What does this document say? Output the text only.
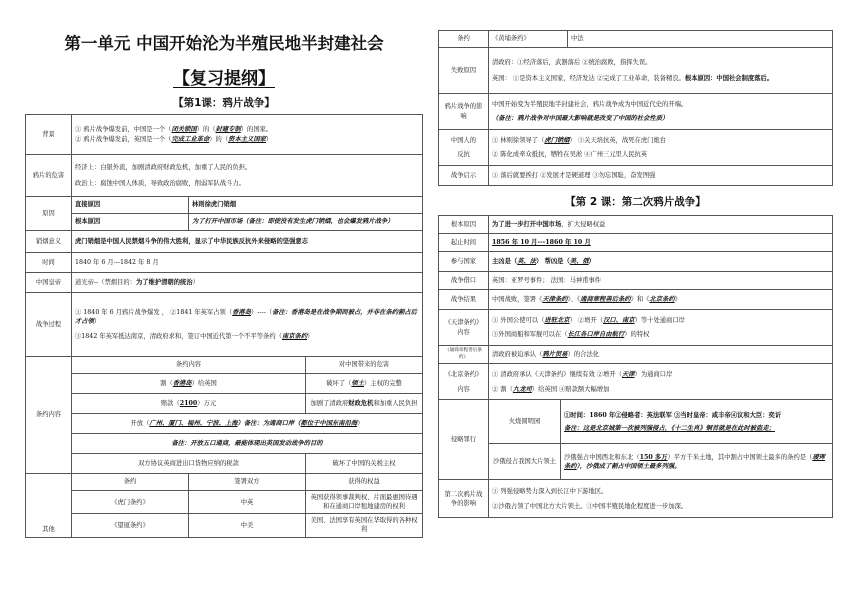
第一单元 中国开始沦为半殖民地半封建社会
【复习提纲】
【第1课：鸦片战争】
背景	① 鸦片战争爆发前，中国是一个（闭关锁国）的（封建专制）的国家。
② 鸦片战争爆发前，英国是一个（完成工业革命）的（资本主义国家）		

鸦片的危害	经济上：白银外流，加剧清政府财政危机，加重了人民的负担。
政治上：腐蚀中国人体质，导致政治腐败，削弱军队战斗力。		

原因	直接原因	林则徐虎门销烟	
	根本原因	为了打开中国市场（备注：即使没有发生虎门销烟，也会爆发鸦片战争）	
销烟意义	虎门销烟是中国人民禁烟斗争的伟大胜利，显示了中华民族反抗外来侵略的坚强意志		
时间	1840 年 6 月---1842 年 8 月		
中国皇帝	道光帝--（禁烟目的：为了维护清朝的统治）		
战争过程	① 1840 年 6 月鸦片战争爆发 ， ②1841 年英军占领（香港岛）----（备注：香港岛是在战争期间被占，并非在条约割占后才占领）
③1842 年英军抵达南京，清政府求和，签订中国近代第一个不平等条约（南京条约）		

条约内容	条约内容		对中国带来的危害
	割（香港岛）给英国		破坏了（领土）主权的完整
	赔款（2100）万元		加剧了清政府财政危机和加重人民负担
	开放（广州、厦门、福州、宁波、上海）备注：为通商口岸（都位于中国东南沿海）		
	备注：开放五口通商，最能体现出英国发动战争的目的		
	双方协议英商进出口货物应纳的税款		破坏了中国的关税主权
其他	条约	签署双方	获得的权益
	《虎门条约》	中英	英国获得领事裁判权、片面最惠国待遇和在通商口岸租地建房的权利
	《望厦条约》	中美	美国、法国享有英国在华取得的各种权利
条约	《黄埔条约》	中法
失败原因	清政府：①经济落后，武器落后 ②统治腐败，指挥失误。
英国： ①是资本主义国家，经济发达 ②完成了工业革命，装备精良。根本原因：中国社会制度落后。	

鸦片战争的影响	中国开始变为半殖民地半封建社会，鸦片战争成为中国近代史的开端。
（备注：鸦片战争对中国最大影响就是改变了中国的社会性质）	

中国人的
反抗	① 林则徐领导了（虎门销烟） ③关天培抗英，战死在虎门炮台
② 陈化成牵众抵抗，牺牲在吴淞 ④广州三元里人民抗英	

战争启示	① 落后就要挨打 ②发展才是硬道理 ③勿忘国耻，奋发图强	
【第 2 课：第二次鸦片战争】
根本原因	为了进一步打开中国市场，扩大侵略权益	
起止时间	1856 年 10 月---1860 年 10 月	
参与国家	主凶是（英、法） 帮凶是（美、俄）	
战争借口	英国：亚罗号事件； 法国：马神甫事件	
战争结果	中国战败，签署《天津条约》、《通商章程善后条约》和《北京条约》	
《天津条约》内容	① 外国公使可以（进驻北京） ②增开（汉口、南京）等十处通商口岸
③外国商船和军舰可以在（长江各口岸自由航行）的特权	

《通商章程善后条约》	清政府被迫承认（鸦片贸易）的合法化	

《北京条约》
内容	① 清政府承认《天津条约》继续有效 ②增开（天津）为通商口岸
② 割（九龙司）给英国 ④赔款额大幅增加	

侵略罪行	火烧圆明园	①时间：1860 年②侵略者：英法联军 ③当时皇帝：咸丰帝④议和大臣：奕䜣
备注：这是北京城第一次被列强侵占，《十二生肖》铜首就是在此时被盗走；

	沙俄侵占我国大片领土	沙俄强占中国西北和东北（150 多万）平方千米土地，其中割占中国领土最多的条约是（瑷珲条约），沙俄成了割占中国领土最多列强。
第二次鸦片战争的影响	① 列强侵略势力深入到长江中下游地区。
②沙俄占领了中国北方大片领土。③中国半殖民地化程度进一步加深。	
